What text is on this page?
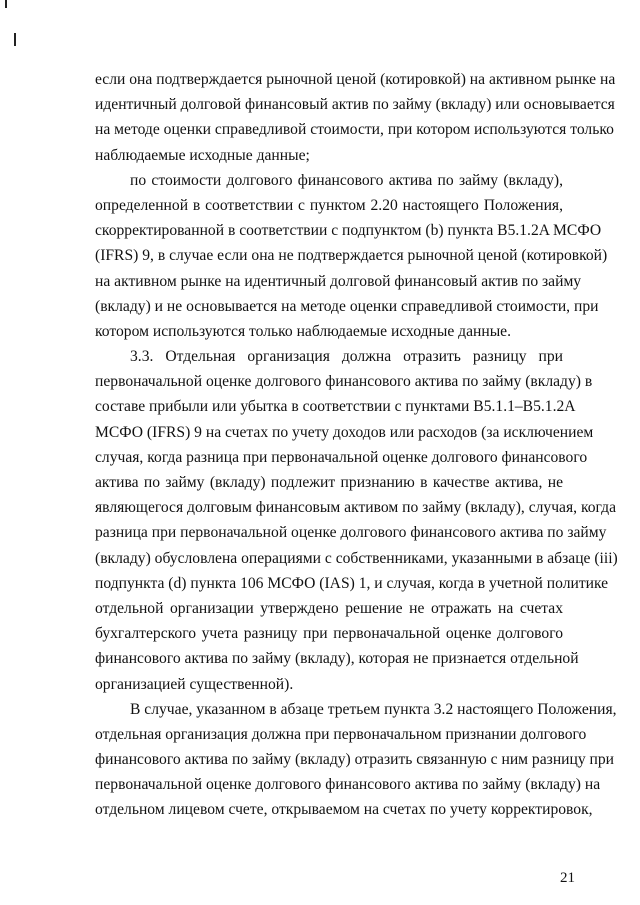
если она подтверждается рыночной ценой (котировкой) на активном рынке на
идентичный долговой финансовый актив по займу (вкладу) или основывается
на методе оценки справедливой стоимости, при котором используются только
наблюдаемые исходные данные;
по стоимости долгового финансового актива по займу (вкладу),
определенной в соответствии с пунктом 2.20 настоящего Положения,
скорректированной в соответствии с подпунктом (b) пункта B5.1.2A МСФО
(IFRS) 9, в случае если она не подтверждается рыночной ценой (котировкой)
на активном рынке на идентичный долговой финансовый актив по займу
(вкладу) и не основывается на методе оценки справедливой стоимости, при
котором используются только наблюдаемые исходные данные.
3.3. Отдельная организация должна отразить разницу при
первоначальной оценке долгового финансового актива по займу (вкладу) в
составе прибыли или убытка в соответствии с пунктами B5.1.1–B5.1.2A
МСФО (IFRS) 9 на счетах по учету доходов или расходов (за исключением
случая, когда разница при первоначальной оценке долгового финансового
актива по займу (вкладу) подлежит признанию в качестве актива, не
являющегося долговым финансовым активом по займу (вкладу), случая, когда
разница при первоначальной оценке долгового финансового актива по займу
(вкладу) обусловлена операциями с собственниками, указанными в абзаце (iii)
подпункта (d) пункта 106 МСФО (IAS) 1, и случая, когда в учетной политике
отдельной организации утверждено решение не отражать на счетах
бухгалтерского учета разницу при первоначальной оценке долгового
финансового актива по займу (вкладу), которая не признается отдельной
организацией существенной).
В случае, указанном в абзаце третьем пункта 3.2 настоящего Положения,
отдельная организация должна при первоначальном признании долгового
финансового актива по займу (вкладу) отразить связанную с ним разницу при
первоначальной оценке долгового финансового актива по займу (вкладу) на
отдельном лицевом счете, открываемом на счетах по учету корректировок,
21
